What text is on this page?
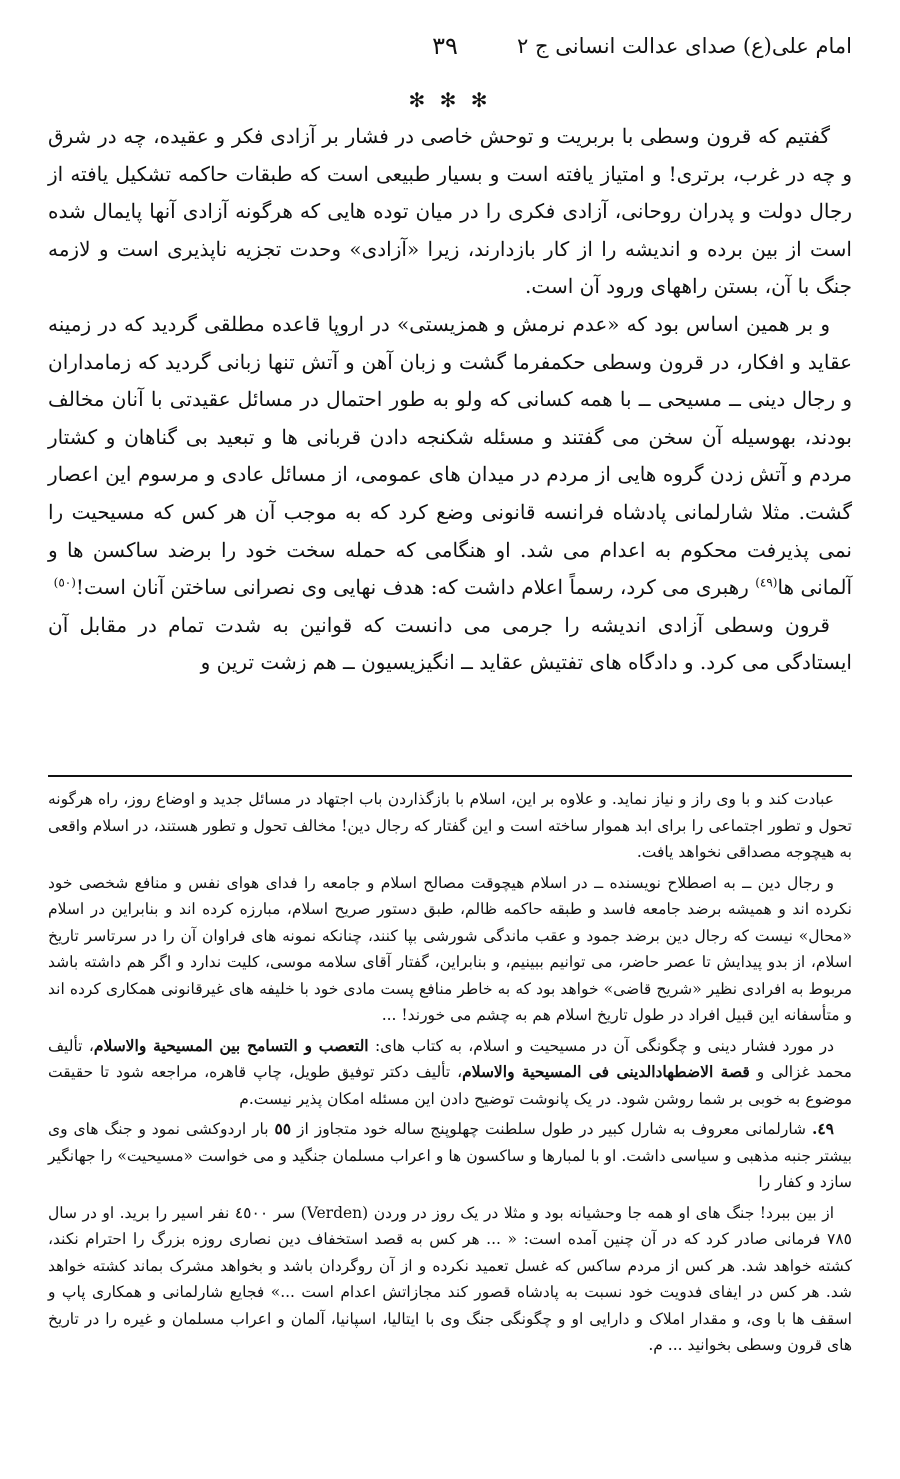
امام علی(ع) صدای عدالت انسانی ج ٢
٣٩
✻ ✻ ✻

گفتیم که قرون وسطی با بربریت و توحش خاصی در فشار بر آزادی فکر و عقیده، چه در شرق و چه در غرب، برتری! و امتیاز یافته است و بسیار طبیعی است که طبقات حاکمه تشکیل یافته از رجال دولت و پدران روحانی، آزادی فکری را در میان توده هایی که هرگونه آزادی آنها پایمال شده است از بین برده و اندیشه را از کار بازدارند، زیرا «آزادی» وحدت تجزیه ناپذیری است و لازمه جنگ با آن، بستن راههای ورود آن است.

و بر همین اساس بود که «عدم نرمش و همزیستی» در اروپا قاعده مطلقی گردید که در زمینه عقاید و افکار، در قرون وسطی حکمفرما گشت و زبان آهن و آتش تنها زبانی گردید که زمامداران و رجال دینی ــ مسیحی ــ با همه کسانی که ولو به طور احتمال در مسائل عقیدتی با آنان مخالف بودند، بهوسیله آن سخن می گفتند و مسئله شکنجه دادن قربانی ها و تبعید بی گناهان و کشتار مردم و آتش زدن گروه هایی از مردم در میدان های عمومی، از مسائل عادی و مرسوم این اعصار گشت. مثلا شارلمانی پادشاه فرانسه قانونی وضع کرد که به موجب آن هر کس که مسیحیت را نمی پذیرفت محکوم به اعدام می شد. او هنگامی که حمله سخت خود را برضد ساکسن ها و آلمانی ها$^{(٤٩)}$ رهبری می کرد، رسماً اعلام داشت که: هدف نهایی وی نصرانی ساختن آنان است!$^{(٥٠)}$

قرون وسطی آزادی اندیشه را جرمی می دانست که قوانین به شدت تمام در مقابل آن ایستادگی می کرد. و دادگاه های تفتیش عقاید ــ انگیزیسیون ــ هم زشت ترین و

عبادت کند و با وی راز و نیاز نماید. و علاوه بر این، اسلام با بازگذاردن باب اجتهاد در مسائل جدید و اوضاع روز، راه هرگونه تحول و تطور اجتماعی را برای ابد هموار ساخته است و این گفتار که رجال دین! مخالف تحول و تطور هستند، در اسلام واقعی به هیچوجه مصداقی نخواهد یافت.

و رجال دین ــ به اصطلاح نویسنده ــ در اسلام هیچوقت مصالح اسلام و جامعه را فدای هوای نفس و منافع شخصی خود نکرده اند و همیشه برضد جامعه فاسد و طبقه حاکمه ظالم، طبق دستور صریح اسلام، مبارزه کرده اند و بنابراین در اسلام «محال» نیست که رجال دین برضد جمود و عقب ماندگی شورشی بپا کنند، چنانکه نمونه های فراوان آن را در سرتاسر تاریخ اسلام، از بدو پیدایش تا عصر حاضر، می توانیم ببینیم، و بنابراین، گفتار آقای سلامه موسی، کلیت ندارد و اگر هم داشته باشد مربوط به افرادی نظیر «شریح قاضی» خواهد بود که به خاطر منافع پست مادی خود با خلیفه های غیرقانونی همکاری کرده اند و متأسفانه این قبیل افراد در طول تاریخ اسلام هم به چشم می خورند! ...

در مورد فشار دینی و چگونگی آن در مسیحیت و اسلام، به کتاب های: التعصب و التسامح بین المسیحیة والاسلام، تألیف محمد غزالی و قصة الاضطهادالدینی فی المسیحیة والاسلام، تألیف دکتر توفیق طویل، چاپ قاهره، مراجعه شود تا حقیقت موضوع به خوبی بر شما روشن شود. در یک پانوشت توضیح دادن این مسئله امکان پذیر نیست.م

٤٩. شارلمانی معروف به شارل کبیر در طول سلطنت چهلوپنج ساله خود متجاوز از ٥٥ بار اردوکشی نمود و جنگ های وی بیشتر جنبه مذهبی و سیاسی داشت. او با لمبارها و ساکسون ها و اعراب مسلمان جنگید و می خواست «مسیحیت» را جهانگیر سازد و کفار را

از بین ببرد! جنگ های او همه جا وحشیانه بود و مثلا در یک روز در وردن (Verden) سر ٤٥٠٠ نفر اسیر را برید. او در سال ٧٨٥ فرمانی صادر کرد که در آن چنین آمده است: « ... هر کس به قصد استخفاف دین نصاری روزه بزرگ را احترام نکند، کشته خواهد شد. هر کس از مردم ساکس که غسل تعمید نکرده و از آن روگردان باشد و بخواهد مشرک بماند کشته خواهد شد. هر کس در ایفای فدویت خود نسبت به پادشاه قصور کند مجازاتش اعدام است ...» فجایع شارلمانی و همکاری پاپ و اسقف ها با وی، و مقدار املاک و دارایی او و چگونگی جنگ وی با ایتالیا، اسپانیا، آلمان و اعراب مسلمان و غیره را در تاریخ های قرون وسطی بخوانید ... م.
